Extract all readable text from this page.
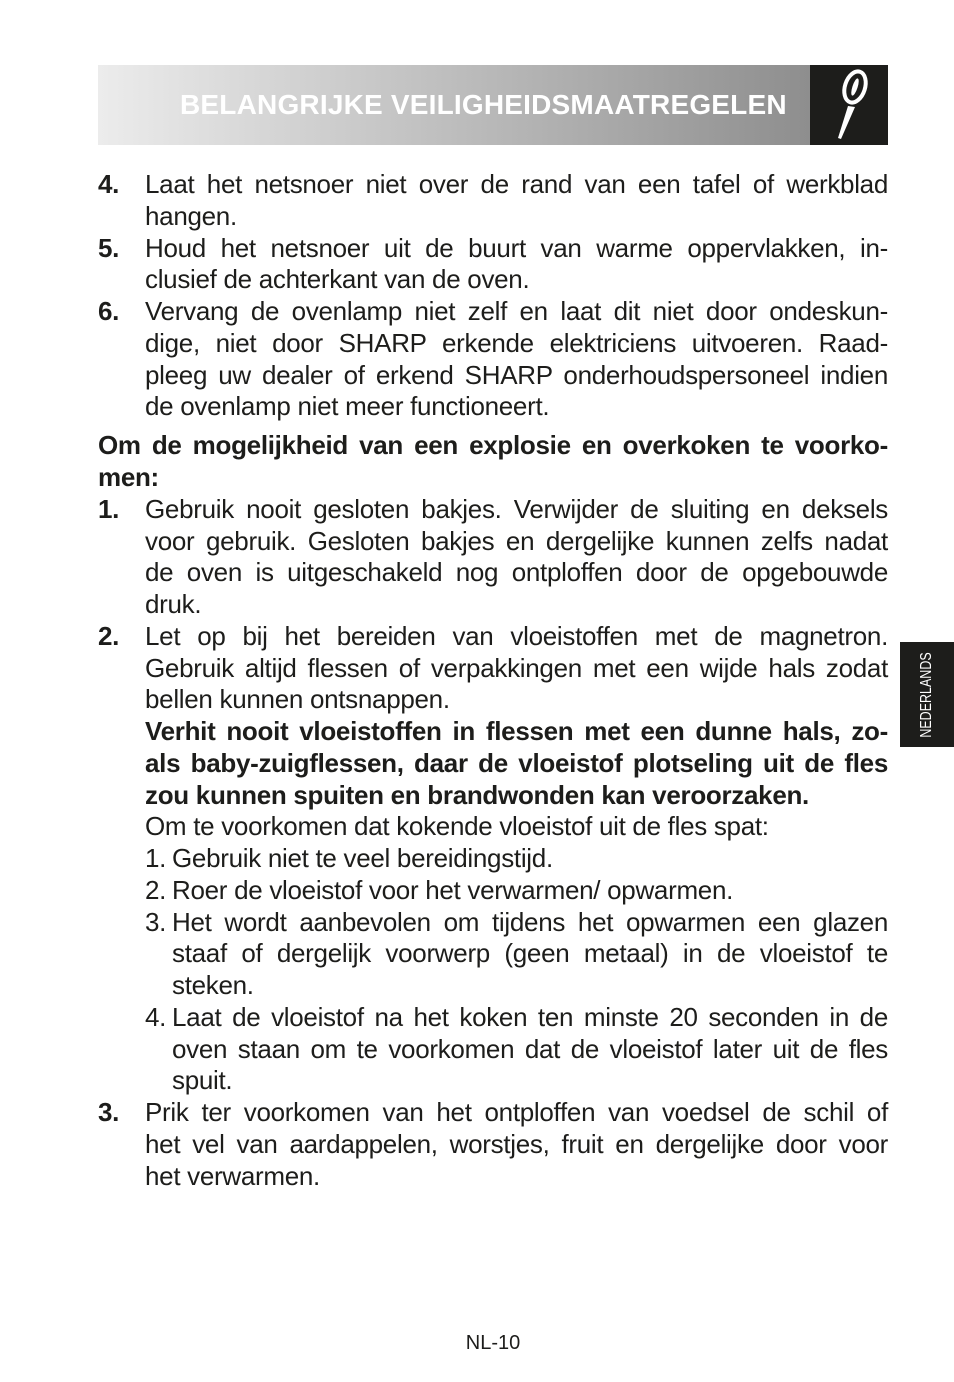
BELANGRIJKE VEILIGHEIDSMAATREGELEN
4. Laat het netsnoer niet over de rand van een tafel of werkblad
hangen.
5. Houd het netsnoer uit de buurt van warme oppervlakken, in-
clusief de achterkant van de oven.
6. Vervang de ovenlamp niet zelf en laat dit niet door ondeskun-
dige, niet door SHARP erkende elektriciens uitvoeren. Raad-
pleeg uw dealer of erkend SHARP onderhoudspersoneel indien
de ovenlamp niet meer functioneert.
Om de mogelijkheid van een explosie en overkoken te voorko-
men:
1. Gebruik nooit gesloten bakjes. Verwijder de sluiting en deksels
voor gebruik. Gesloten bakjes en dergelijke kunnen zelfs nadat
de oven is uitgeschakeld nog ontploffen door de opgebouwde
druk.
2. Let op bij het bereiden van vloeistoffen met de magnetron.
Gebruik altijd flessen of verpakkingen met een wijde hals zodat
bellen kunnen ontsnappen.
Verhit nooit vloeistoffen in flessen met een dunne hals, zo-
als baby-zuigflessen, daar de vloeistof plotseling uit de fles
zou kunnen spuiten en brandwonden kan veroorzaken.
Om te voorkomen dat kokende vloeistof uit de fles spat:
1. Gebruik niet te veel bereidingstijd.
2. Roer de vloeistof voor het verwarmen/ opwarmen.
3. Het wordt aanbevolen om tijdens het opwarmen een glazen
staaf of dergelijk voorwerp (geen metaal) in de vloeistof te
steken.
4. Laat de vloeistof na het koken ten minste 20 seconden in de
oven staan om te voorkomen dat de vloeistof later uit de fles
spuit.
3. Prik ter voorkomen van het ontploffen van voedsel de schil of
het vel van aardappelen, worstjes, fruit en dergelijke door voor
het verwarmen.
NEDERLANDS
NL-10
